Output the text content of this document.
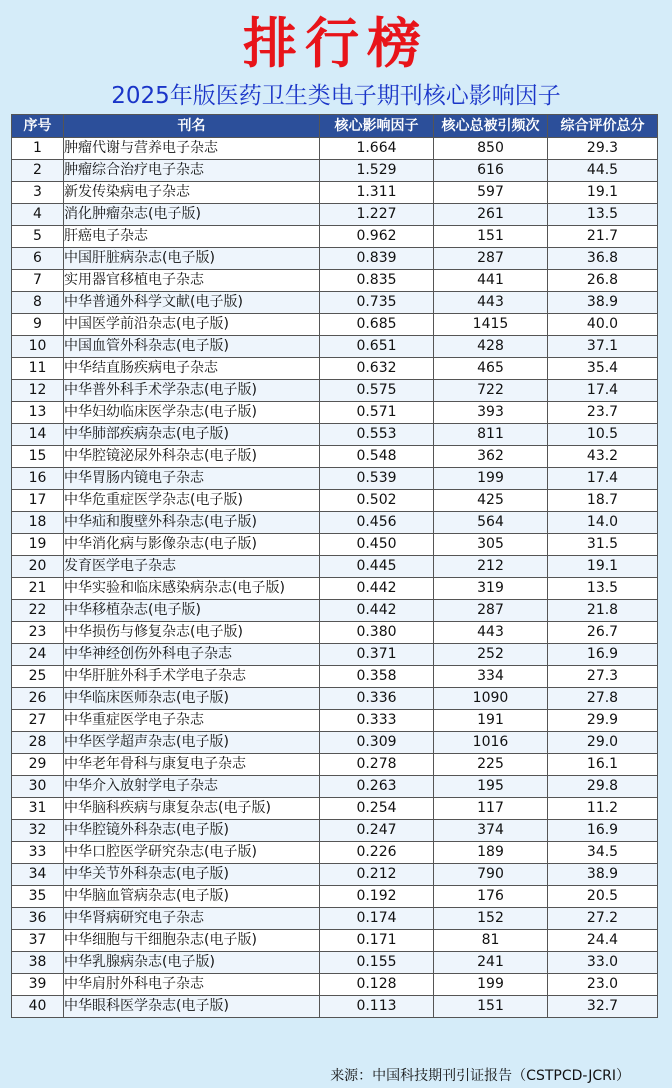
排行榜
2025年版医药卫生类电子期刊核心影响因子
序号	刊名	核心影响因子	核心总被引频次	综合评价总分
1	肿瘤代谢与营养电子杂志	1.664	850	29.3
2	肿瘤综合治疗电子杂志	1.529	616	44.5
3	新发传染病电子杂志	1.311	597	19.1
4	消化肿瘤杂志(电子版)	1.227	261	13.5
5	肝癌电子杂志	0.962	151	21.7
6	中国肝脏病杂志(电子版)	0.839	287	36.8
7	实用器官移植电子杂志	0.835	441	26.8
8	中华普通外科学文献(电子版)	0.735	443	38.9
9	中国医学前沿杂志(电子版)	0.685	1415	40.0
10	中国血管外科杂志(电子版)	0.651	428	37.1
11	中华结直肠疾病电子杂志	0.632	465	35.4
12	中华普外科手术学杂志(电子版)	0.575	722	17.4
13	中华妇幼临床医学杂志(电子版)	0.571	393	23.7
14	中华肺部疾病杂志(电子版)	0.553	811	10.5
15	中华腔镜泌尿外科杂志(电子版)	0.548	362	43.2
16	中华胃肠内镜电子杂志	0.539	199	17.4
17	中华危重症医学杂志(电子版)	0.502	425	18.7
18	中华疝和腹壁外科杂志(电子版)	0.456	564	14.0
19	中华消化病与影像杂志(电子版)	0.450	305	31.5
20	发育医学电子杂志	0.445	212	19.1
21	中华实验和临床感染病杂志(电子版)	0.442	319	13.5
22	中华移植杂志(电子版)	0.442	287	21.8
23	中华损伤与修复杂志(电子版)	0.380	443	26.7
24	中华神经创伤外科电子杂志	0.371	252	16.9
25	中华肝脏外科手术学电子杂志	0.358	334	27.3
26	中华临床医师杂志(电子版)	0.336	1090	27.8
27	中华重症医学电子杂志	0.333	191	29.9
28	中华医学超声杂志(电子版)	0.309	1016	29.0
29	中华老年骨科与康复电子杂志	0.278	225	16.1
30	中华介入放射学电子杂志	0.263	195	29.8
31	中华脑科疾病与康复杂志(电子版)	0.254	117	11.2
32	中华腔镜外科杂志(电子版)	0.247	374	16.9
33	中华口腔医学研究杂志(电子版)	0.226	189	34.5
34	中华关节外科杂志(电子版)	0.212	790	38.9
35	中华脑血管病杂志(电子版)	0.192	176	20.5
36	中华肾病研究电子杂志	0.174	152	27.2
37	中华细胞与干细胞杂志(电子版)	0.171	81	24.4
38	中华乳腺病杂志(电子版)	0.155	241	33.0
39	中华肩肘外科电子杂志	0.128	199	23.0
40	中华眼科医学杂志(电子版)	0.113	151	32.7
来源：中国科技期刊引证报告（CSTPCD-JCRI）
